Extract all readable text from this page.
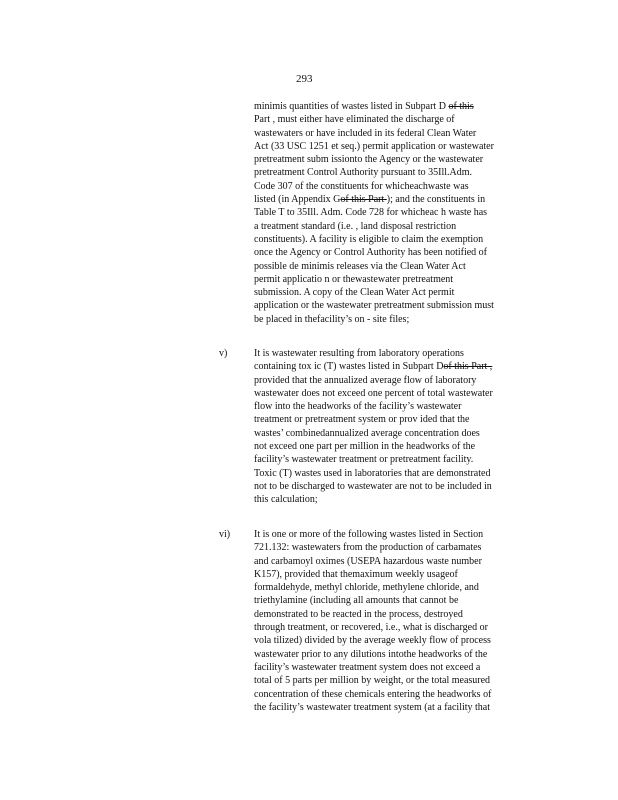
293
minimis quantities of wastes listed in Subpart D of this
Part , must either have eliminated the discharge of
wastewaters or have included in its federal Clean Water
Act (33 USC 1251 et seq.) permit application or wastewater
pretreatment subm issionto the Agency or the wastewater
pretreatment Control Authority pursuant to 35Ill.Adm.
Code 307 of the constituents for whicheachwaste was
listed (in Appendix Gof this Part ); and the constituents in
Table T to 35Ill. Adm. Code 728 for whicheac h waste has
a treatment standard (i.e. , land disposal restriction
constituents). A facility is eligible to claim the exemption
once the Agency or Control Authority has been notified of
possible de minimis releases via the Clean Water Act
permit applicatio n or thewastewater pretreatment
submission. A copy of the Clean Water Act permit
application or the wastewater pretreatment submission must
be placed in thefacility’s on - site files;
v)	It is wastewater resulting from laboratory operations
containing tox ic (T) wastes listed in Subpart Dof this Part ,
provided that the annualized average flow of laboratory
wastewater does not exceed one percent of total wastewater
flow into the headworks of the facility’s wastewater
treatment or pretreatment system or prov ided that the
wastes’ combinedannualized average concentration does
not exceed one part per million in the headworks of the
facility’s wastewater treatment or pretreatment facility.
Toxic (T) wastes used in laboratories that are demonstrated
not to be discharged to wastewater are not to be included in
this calculation;
vi) It is one or more of the following wastes listed in Section
721.132: wastewaters from the production of carbamates
and carbamoyl oximes (USEPA hazardous waste number
K157), provided that themaximum weekly usageof
formaldehyde, methyl chloride, methylene chloride, and
triethylamine (including all amounts that cannot be
demonstrated to be reacted in the process, destroyed
through treatment, or recovered, i.e., what is discharged or
vola tilized) divided by the average weekly flow of process
wastewater prior to any dilutions intothe headworks of the
facility’s wastewater treatment system does not exceed a
total of 5 parts per million by weight, or the total measured
concentration of these chemicals entering the headworks of
the facility’s wastewater treatment system (at a facility that
